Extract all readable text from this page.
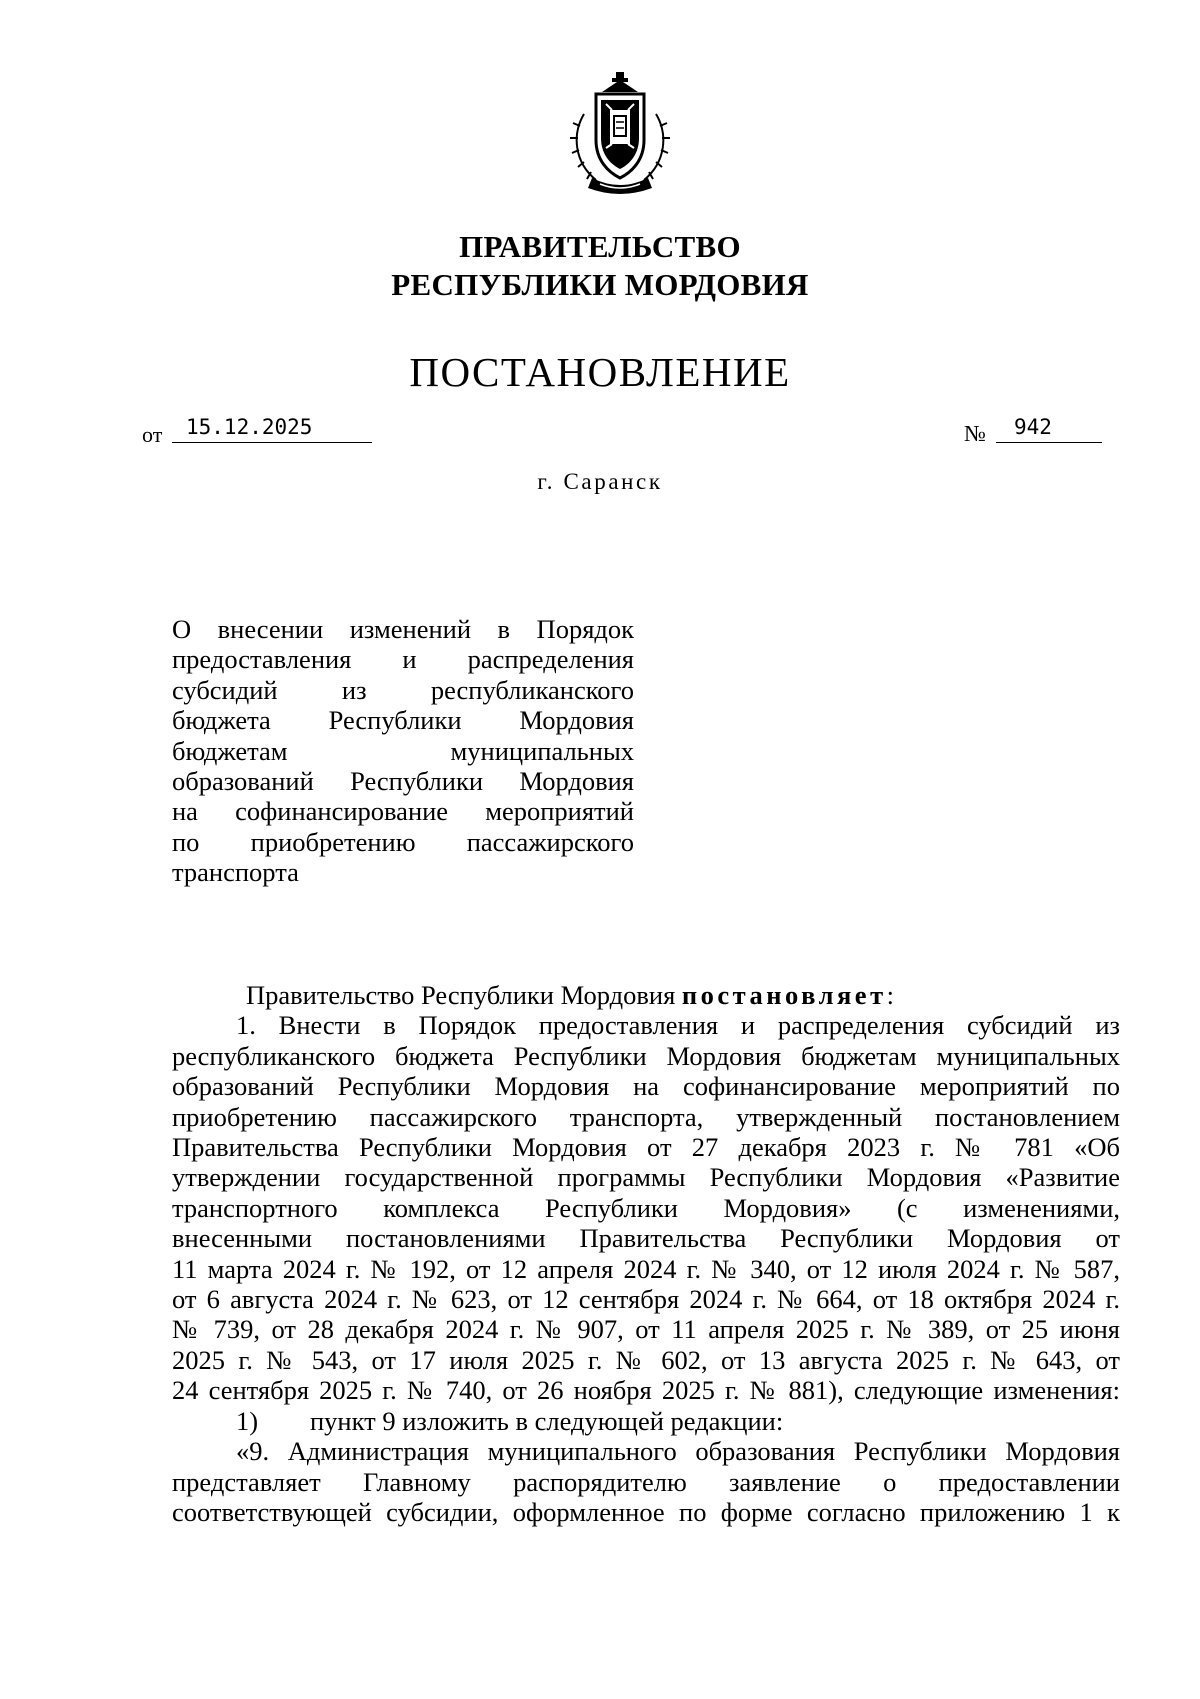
ПРАВИТЕЛЬСТВО
РЕСПУБЛИКИ МОРДОВИЯ
ПОСТАНОВЛЕНИЕ
от 15.12.2025	№ 942
г. Саранск
О внесении изменений в Порядок
предоставления и распределения
субсидий из республиканского
бюджета Республики Мордовия
бюджетам муниципальных
образований Республики Мордовия
на софинансирование мероприятий
по приобретению пассажирского
транспорта
Правительство Республики Мордовия постановляет:
1. Внести в Порядок предоставления и распределения субсидий из
республиканского бюджета Республики Мордовия бюджетам муниципальных
образований Республики Мордовия на софинансирование мероприятий по
приобретению пассажирского транспорта, утвержденный постановлением
Правительства Республики Мордовия от 27 декабря 2023 г. № 781 «Об
утверждении государственной программы Республики Мордовия «Развитие
транспортного комплекса Республики Мордовия» (с изменениями,
внесенными постановлениями Правительства Республики Мордовия от
11 марта 2024 г. № 192, от 12 апреля 2024 г. № 340, от 12 июля 2024 г. № 587,
от 6 августа 2024 г. № 623, от 12 сентября 2024 г. № 664, от 18 октября 2024 г.
№ 739, от 28 декабря 2024 г. № 907, от 11 апреля 2025 г. № 389, от 25 июня
2025 г. № 543, от 17 июля 2025 г. № 602, от 13 августа 2025 г. № 643, от
24 сентября 2025 г. № 740, от 26 ноября 2025 г. № 881), следующие изменения:
1) пункт 9 изложить в следующей редакции:
«9. Администрация муниципального образования Республики Мордовия
представляет Главному распорядителю заявление о предоставлении
соответствующей субсидии, оформленное по форме согласно приложению 1 к
